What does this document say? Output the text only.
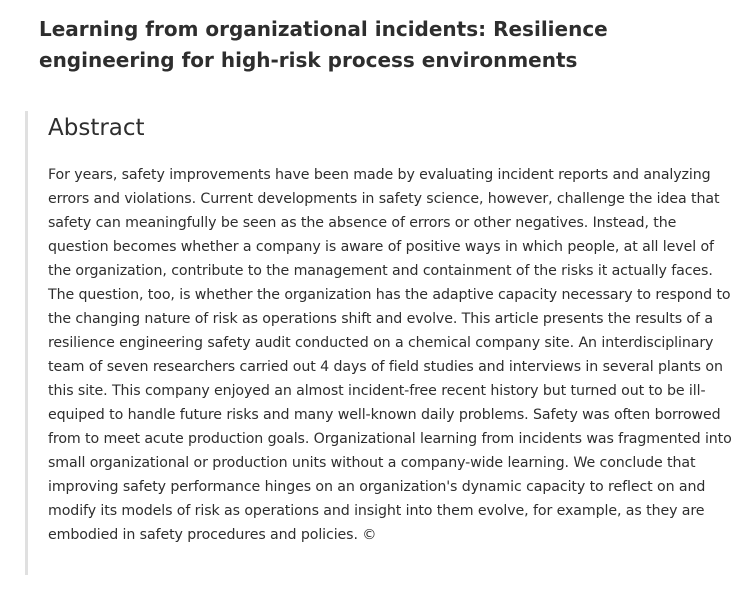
Learning from organizational incidents: Resilience engineering for high-risk process environments
Abstract

For years, safety improvements have been made by evaluating incident reports and analyzing errors and violations. Current developments in safety science, however, challenge the idea that safety can meaningfully be seen as the absence of errors or other negatives. Instead, the question becomes whether a company is aware of positive ways in which people, at all level of the organization, contribute to the management and containment of the risks it actually faces. The question, too, is whether the organization has the adaptive capacity necessary to respond to the changing nature of risk as operations shift and evolve. This article presents the results of a resilience engineering safety audit conducted on a chemical company site. An interdisciplinary team of seven researchers carried out 4 days of field studies and interviews in several plants on this site. This company enjoyed an almost incident-free recent history but turned out to be ill-equiped to handle future risks and many well-known daily problems. Safety was often borrowed from to meet acute production goals. Organizational learning from incidents was fragmented into small organizational or production units without a company-wide learning. We conclude that improving safety performance hinges on an organization's dynamic capacity to reflect on and modify its models of risk as operations and insight into them evolve, for example, as they are embodied in safety procedures and policies. ©
